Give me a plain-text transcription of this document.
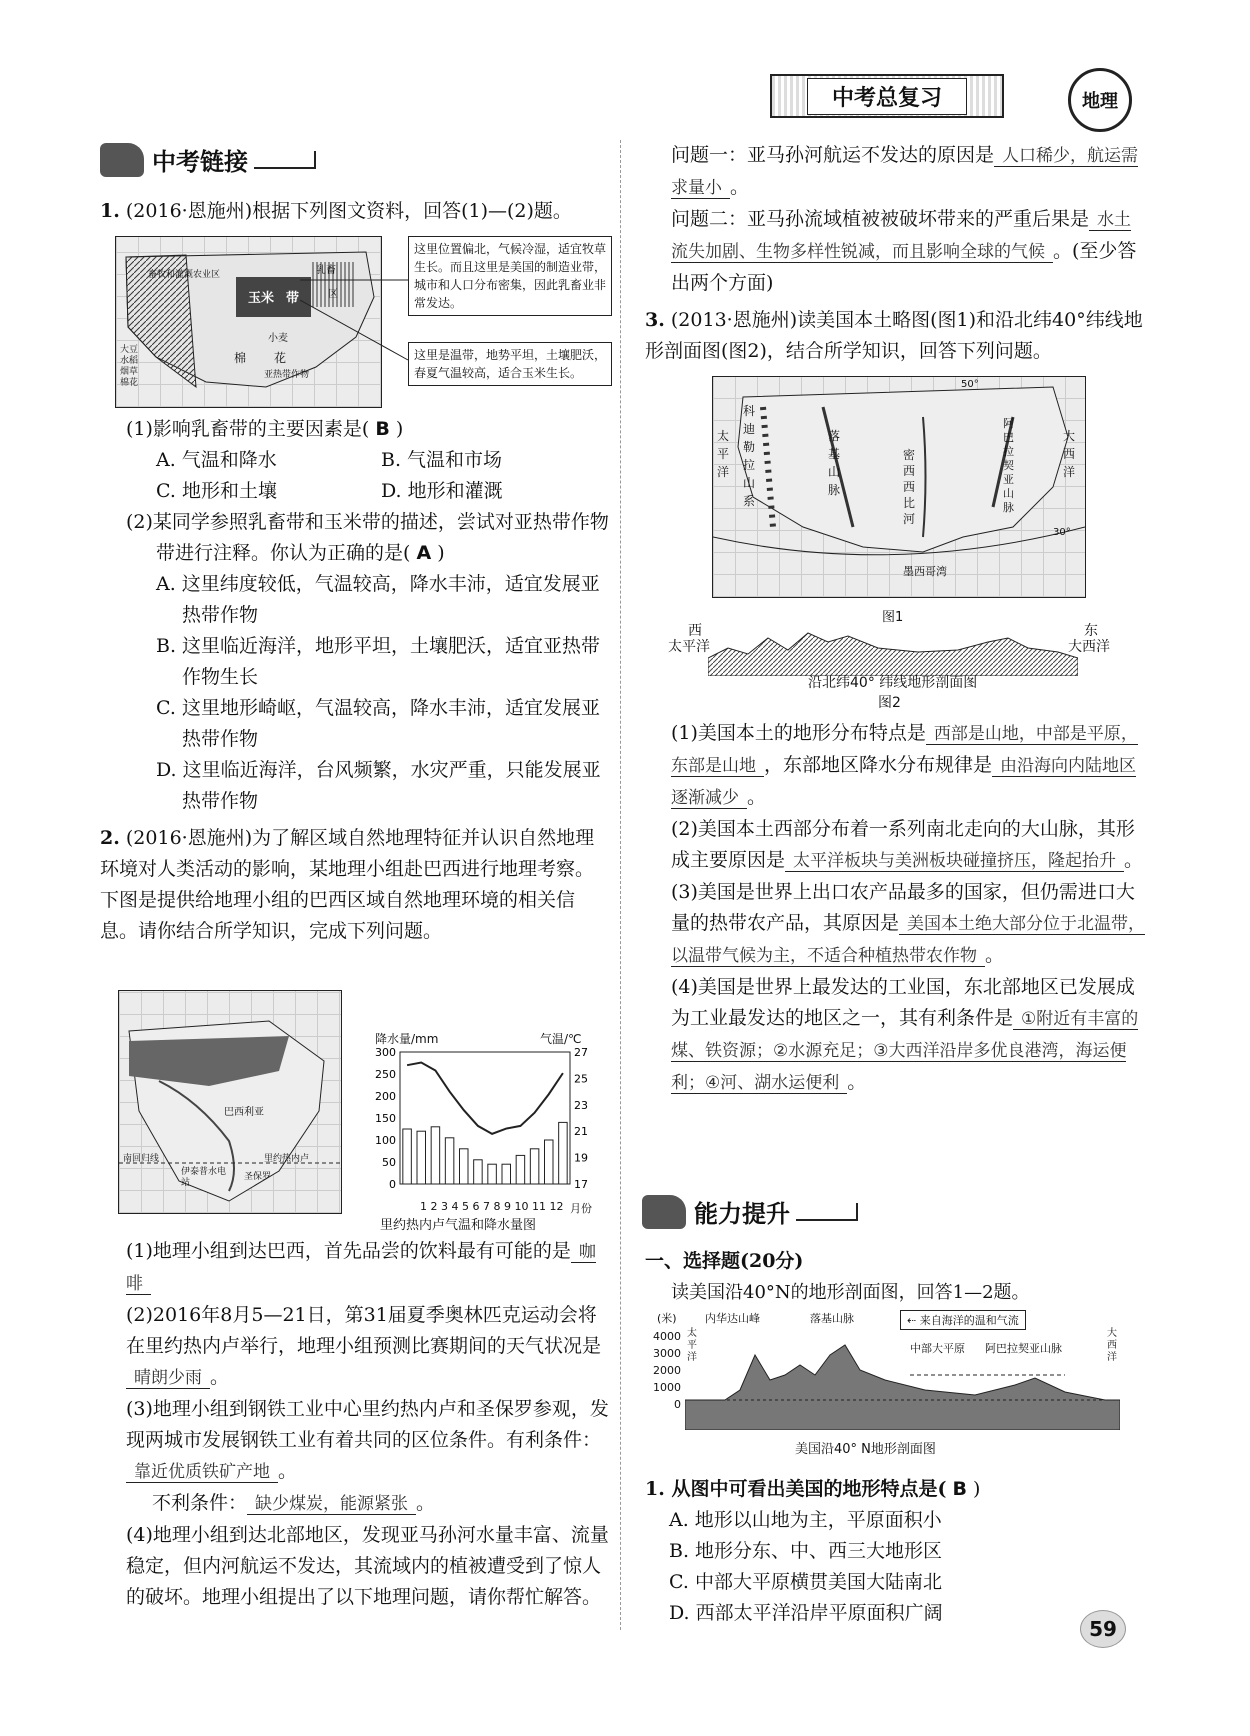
中考总复习	地理
中考链接

1. (2016·恩施州)根据下列图文资料，回答(1)—(2)题。

畜牧和灌溉农业区	乳畜
玉米 带	区
小麦
棉 花
亚热带作物
大豆
水稻
烟草
棉花
这里位置偏北，气候冷湿，适宜牧草生长。而且这里是美国的制造业带，城市和人口分布密集，因此乳畜业非常发达。
这里是温带，地势平坦，土壤肥沃，春夏气温较高，适合玉米生长。

(1)影响乳畜带的主要因素是( B )

A. 气温和降水	B. 气温和市场
C. 地形和土壤	D. 地形和灌溉

(2)某同学参照乳畜带和玉米带的描述，尝试对亚热带作物带进行注释。你认为正确的是( A )

A. 这里纬度较低，气温较高，降水丰沛，适宜发展亚热带作物

B. 这里临近海洋，地形平坦，土壤肥沃，适宜亚热带作物生长

C. 这里地形崎岖，气温较高，降水丰沛，适宜发展亚热带作物

D. 这里临近海洋，台风频繁，水灾严重，只能发展亚热带作物

2. (2016·恩施州)为了解区域自然地理特征并认识自然地理环境对人类活动的影响，某地理小组赴巴西进行地理考察。下图是提供给地理小组的巴西区域自然地理环境的相关信息。请你结合所学知识，完成下列问题。

巴西利亚
里约热内卢
圣保罗
伊泰普水电站
南回归线
降水量/mm	气温/℃
300
250
200
150
100
50
0
27
25
23
21
19
17
1 2 3 4 5 6 7 8 9 10 11 12 月份
里约热内卢气温和降水量图

(1)地理小组到达巴西，首先品尝的饮料最有可能的是 咖啡

(2)2016年8月5—21日，第31届夏季奥林匹克运动会将在里约热内卢举行，地理小组预测比赛期间的天气状况是晴朗少雨 。

(3)地理小组到钢铁工业中心里约热内卢和圣保罗参观，发现两城市发展钢铁工业有着共同的区位条件。有利条件：靠近优质铁矿产地 。

不利条件： 缺少煤炭，能源紧张 。

(4)地理小组到达北部地区，发现亚马孙河水量丰富、流量稳定，但内河航运不发达，其流域内的植被遭受到了惊人的破坏。地理小组提出了以下地理问题，请你帮忙解答。

问题一：亚马孙河航运不发达的原因是 人口稀少，航运需求量小 。

问题二：亚马孙流域植被被破坏带来的严重后果是 水土流失加剧、生物多样性锐减，而且影响全球的气候 。(至少答出两个方面)

3. (2013·恩施州)读美国本土略图(图1)和沿北纬40°纬线地形剖面图(图2)，结合所学知识，回答下列问题。

科迪勒拉山系
落基山脉
密西西比河
阿巴拉契亚山脉
太平洋
大西洋
墨西哥湾
50°
30°
图1
西
太平洋
东
大西洋
沿北纬40° 纬线地形剖面图
图2

(1)美国本土的地形分布特点是 西部是山地，中部是平原，东部是山地 ，东部地区降水分布规律是 由沿海向内陆地区逐渐减少 。

(2)美国本土西部分布着一系列南北走向的大山脉，其形成主要原因是 太平洋板块与美洲板块碰撞挤压，隆起抬升 。

(3)美国是世界上出口农产品最多的国家，但仍需进口大量的热带农产品，其原因是 美国本土绝大部分位于北温带，以温带气候为主，不适合种植热带农作物 。

(4)美国是世界上最发达的工业国，东北部地区已发展成为工业最发达的地区之一，其有利条件是 ①附近有丰富的煤、铁资源；②水源充足；③大西洋沿岸多优良港湾，海运便利；④河、湖水运便利 。

能力提升

一、选择题(20分)

读美国沿40°N的地形剖面图，回答1—2题。

(米)
4000
3000
2000
1000
0
内华达山峰	落基山脉	⇠ 来自海洋的温和气流
中部大平原 阿巴拉契亚山脉
太平洋
大西洋
美国沿40° N地形剖面图

1. 从图中可看出美国的地形特点是( B )

A. 地形以山地为主，平原面积小

B. 地形分东、中、西三大地形区

C. 中部大平原横贯美国大陆南北

D. 西部太平洋沿岸平原面积广阔

59
